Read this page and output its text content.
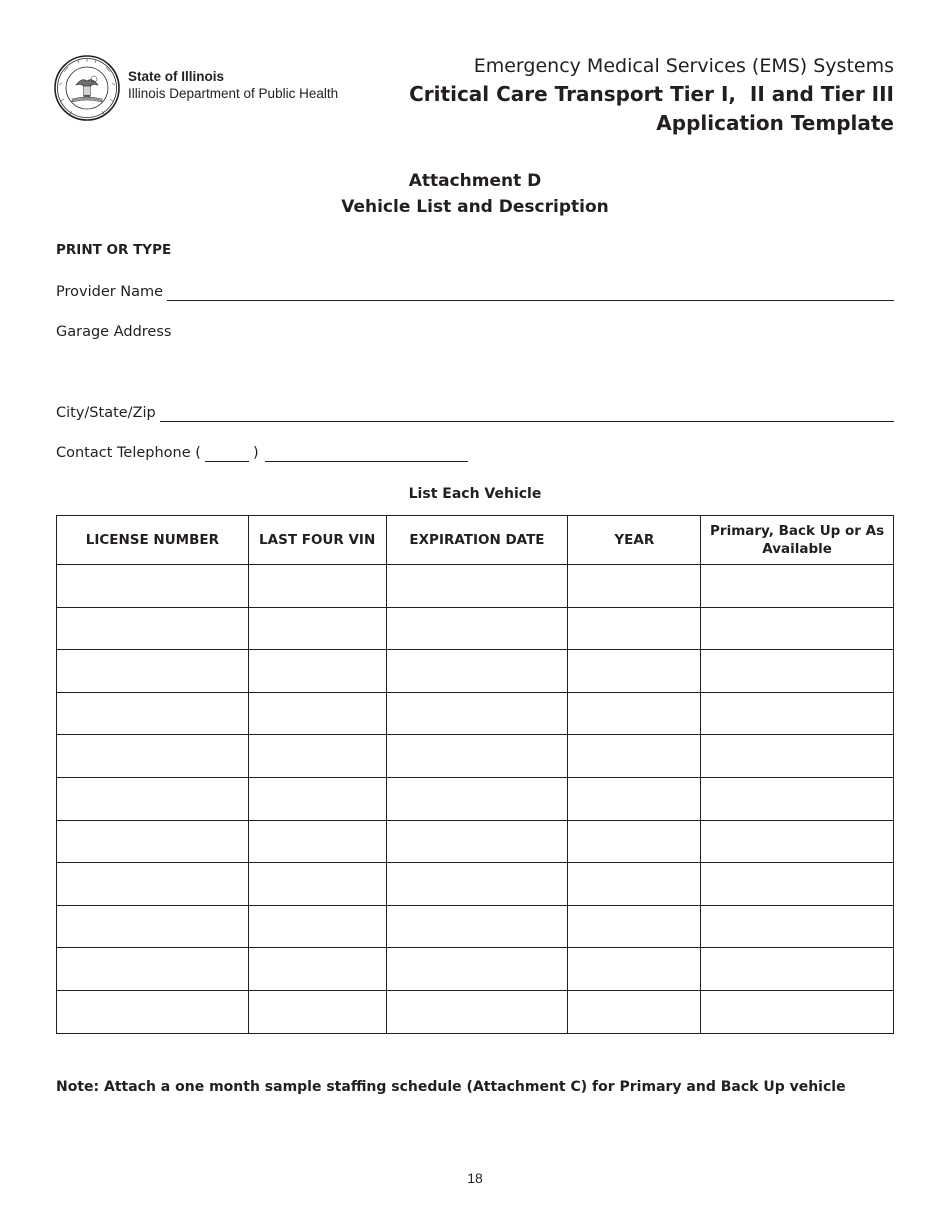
State of Illinois
Illinois Department of Public Health
Emergency Medical Services (EMS) Systems
Critical Care Transport Tier I,  II and Tier III
Application Template
Attachment D
Vehicle List and Description
PRINT OR TYPE
Provider Name
Garage Address
City/State/Zip
Contact Telephone (	)
List Each Vehicle
LICENSE NUMBER	LAST FOUR VIN	EXPIRATION DATE	YEAR	Primary, Back Up or As Available

Note: Attach a one month sample staffing schedule (Attachment C) for Primary and Back Up vehicle
18
